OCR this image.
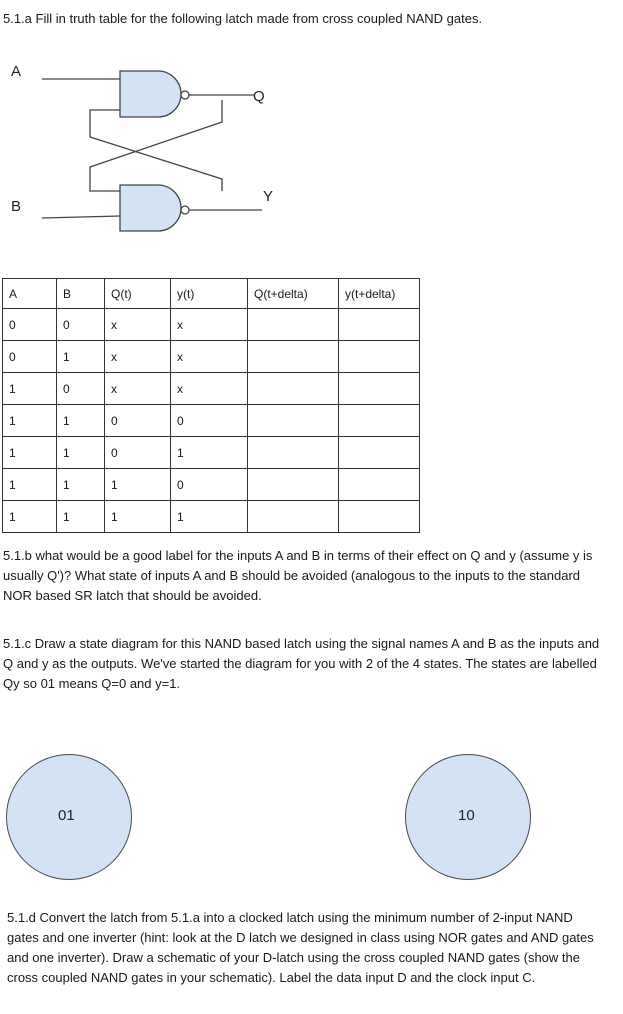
5.1.a Fill in truth table for the following latch made from cross coupled NAND gates.

A
B
Q
Y
A	B	Q(t)	y(t)	Q(t+delta)	y(t+delta)
0	0	x	x		
0	1	x	x		
1	0	x	x		
1	1	0	0		
1	1	0	1		
1	1	1	0		
1	1	1	1		

5.1.b what would be a good label for the inputs A and B in terms of their effect on Q and y (assume y is usually Q')? What state of inputs A and B should be avoided (analogous to the inputs to the standard NOR based SR latch that should be avoided.

5.1.c Draw a state diagram for this NAND based latch using the signal names A and B as the inputs and Q and y as the outputs. We've started the diagram for you with 2 of the 4 states. The states are labelled Qy so 01 means Q=0 and y=1.

01	10

5.1.d Convert the latch from 5.1.a into a clocked latch using the minimum number of 2-input NAND gates and one inverter (hint: look at the D latch we designed in class using NOR gates and AND gates and one inverter). Draw a schematic of your D-latch using the cross coupled NAND gates (show the cross coupled NAND gates in your schematic). Label the data input D and the clock input C.
